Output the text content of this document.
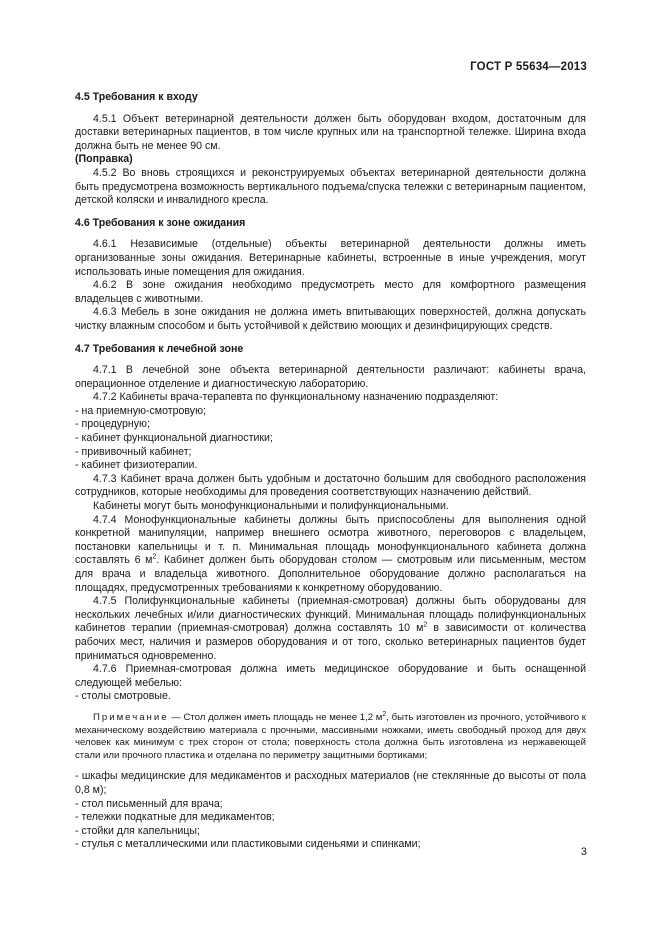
ГОСТ Р 55634—2013

4.5 Требования к входу

4.5.1 Объект ветеринарной деятельности должен быть оборудован входом, достаточным для доставки ветеринарных пациентов, в том числе крупных или на транспортной тележке. Ширина входа должна быть не менее 90 см.

(Поправка)

4.5.2 Во вновь строящихся и реконструируемых объектах ветеринарной деятельности должна быть предусмотрена возможность вертикального подъема/спуска тележки с ветеринарным пациентом, детской коляски и инвалидного кресла.

4.6 Требования к зоне ожидания

4.6.1 Независимые (отдельные) объекты ветеринарной деятельности должны иметь организованные зоны ожидания. Ветеринарные кабинеты, встроенные в иные учреждения, могут использовать иные помещения для ожидания.

4.6.2 В зоне ожидания необходимо предусмотреть место для комфортного размещения владельцев с животными.

4.6.3 Мебель в зоне ожидания не должна иметь впитывающих поверхностей, должна допускать чистку влажным способом и быть устойчивой к действию моющих и дезинфицирующих средств.

4.7 Требования к лечебной зоне

4.7.1 В лечебной зоне объекта ветеринарной деятельности различают: кабинеты врача, операционное отделение и диагностическую лабораторию.

4.7.2 Кабинеты врача-терапевта по функциональному назначению подразделяют:

- на приемную-смотровую;

- процедурную;

- кабинет функциональной диагностики;

- прививочный кабинет;

- кабинет физиотерапии.

4.7.3 Кабинет врача должен быть удобным и достаточно большим для свободного расположения сотрудников, которые необходимы для проведения соответствующих назначению действий.

Кабинеты могут быть монофункциональными и полифункциональными.

4.7.4 Монофункциональные кабинеты должны быть приспособлены для выполнения одной конкретной манипуляции, например внешнего осмотра животного, переговоров с владельцем, постановки капельницы и т. п. Минимальная площадь монофункционального кабинета должна составлять 6 $м^2$. Кабинет должен быть оборудован столом — смотровым или письменным, местом для врача и владельца животного. Дополнительное оборудование должно располагаться на площадях, предусмотренных требованиями к конкретному оборудованию.

4.7.5 Полифункциональные кабинеты (приемная-смотровая) должны быть оборудованы для нескольких лечебных и/или диагностических функций. Минимальная площадь полифункциональных кабинетов терапии (приемная-смотровая) должна составлять 10 $м^2$ в зависимости от количества рабочих мест, наличия и размеров оборудования и от того, сколько ветеринарных пациентов будет приниматься одновременно.

4.7.6 Приемная-смотровая должна иметь медицинское оборудование и быть оснащенной следующей мебелью:

- столы смотровые.

Примечание — Стол должен иметь площадь не менее 1,2 $м^2$, быть изготовлен из прочного, устойчивого к механическому воздействию материала с прочными, массивными ножками, иметь свободный проход для двух человек как минимум с трех сторон от стола; поверхность стола должна быть изготовлена из нержавеющей стали или прочного пластика и отделана по периметру защитными бортиками;

- шкафы медицинские для медикаментов и расходных материалов (не стеклянные до высоты от пола 0,8 м);

- стол письменный для врача;

- тележки подкатные для медикаментов;

- стойки для капельницы;

- стулья с металлическими или пластиковыми сиденьями и спинками;

3
